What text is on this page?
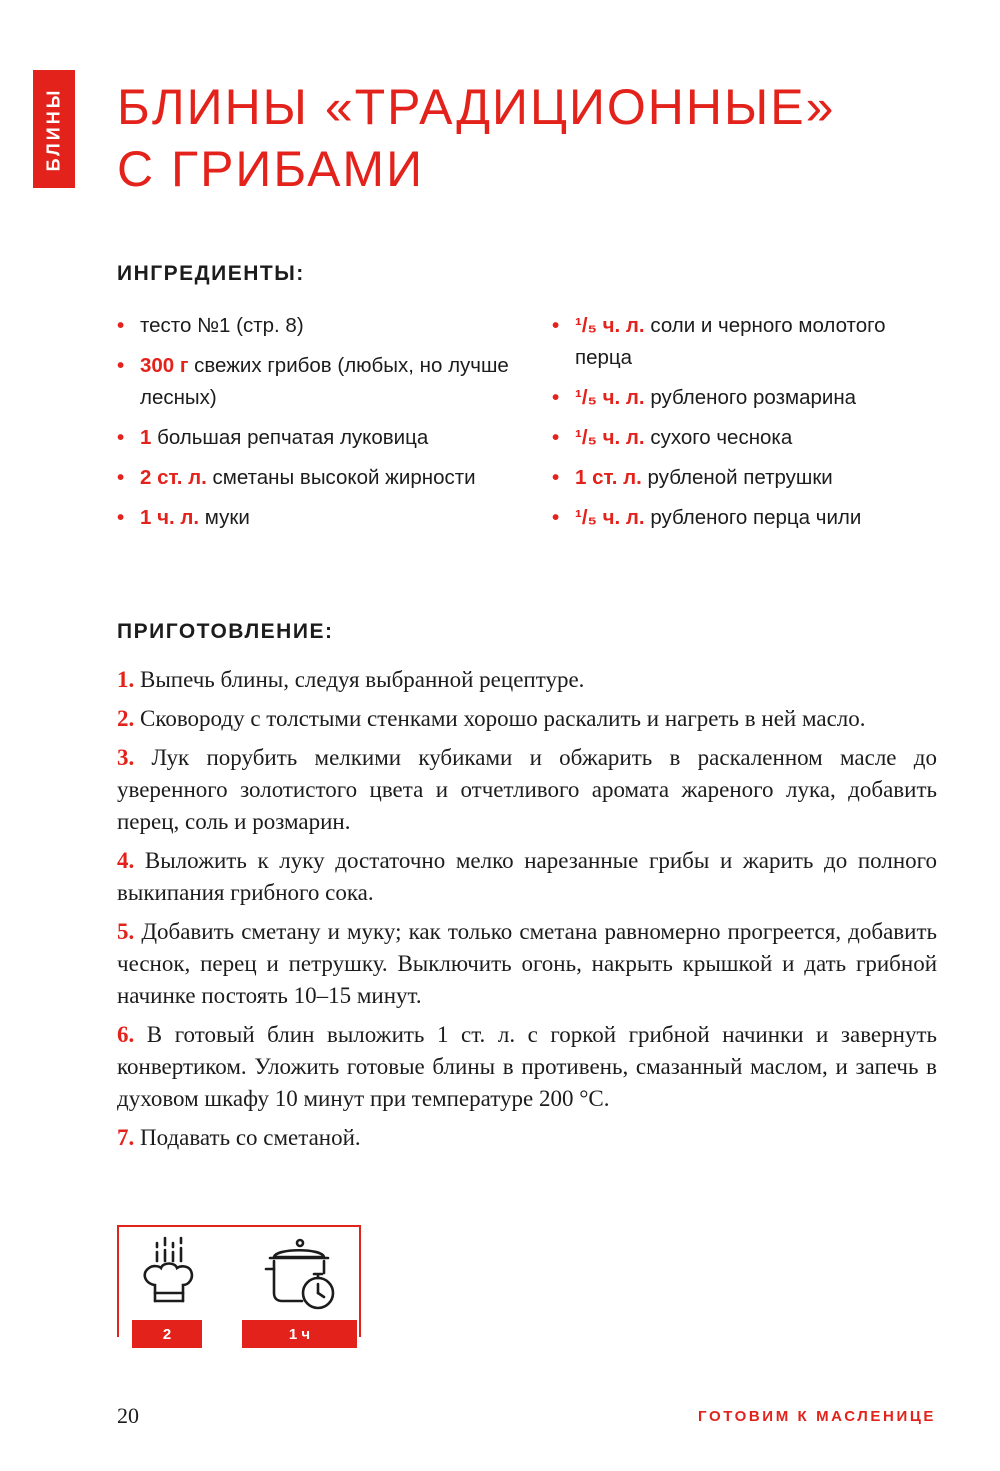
БЛИНЫ БЛИНЫ «ТРАДИЦИОННЫЕ»
С ГРИБАМИ
ИНГРЕДИЕНТЫ:
• тесто №1 (стр. 8)
• 300 г свежих грибов (любых, но лучше лесных)
• 1 большая репчатая луковица
• 2 ст. л. сметаны высокой жирности
• 1 ч. л. муки
• ¹/₅ ч. л. соли и черного молотого перца
• ¹/₅ ч. л. рубленого розмарина
• ¹/₅ ч. л. сухого чеснока
• 1 ст. л. рубленой петрушки
• ¹/₅ ч. л. рубленого перца чили
ПРИГОТОВЛЕНИЕ:

1. Выпечь блины, следуя выбранной рецептуре.

2. Сковороду с толстыми стенками хорошо раскалить и нагреть в ней масло.

3. Лук порубить мелкими кубиками и обжарить в раскаленном масле до уверенного золотистого цвета и отчетливого аромата жареного лука, добавить перец, соль и розмарин.

4. Выложить к луку достаточно мелко нарезанные грибы и жарить до полного выкипания грибного сока.

5. Добавить сметану и муку; как только сметана равномерно прогреется, добавить чеснок, перец и петрушку. Выключить огонь, накрыть крышкой и дать грибной начинке постоять 10–15 минут.

6. В готовый блин выложить 1 ст. л. с горкой грибной начинки и завернуть конвертиком. Уложить готовые блины в противень, смазанный маслом, и запечь в духовом шкафу 10 минут при температуре 200 °C.

7. Подавать со сметаной.

2	1 ч
20	ГОТОВИМ К МАСЛЕНИЦЕ
